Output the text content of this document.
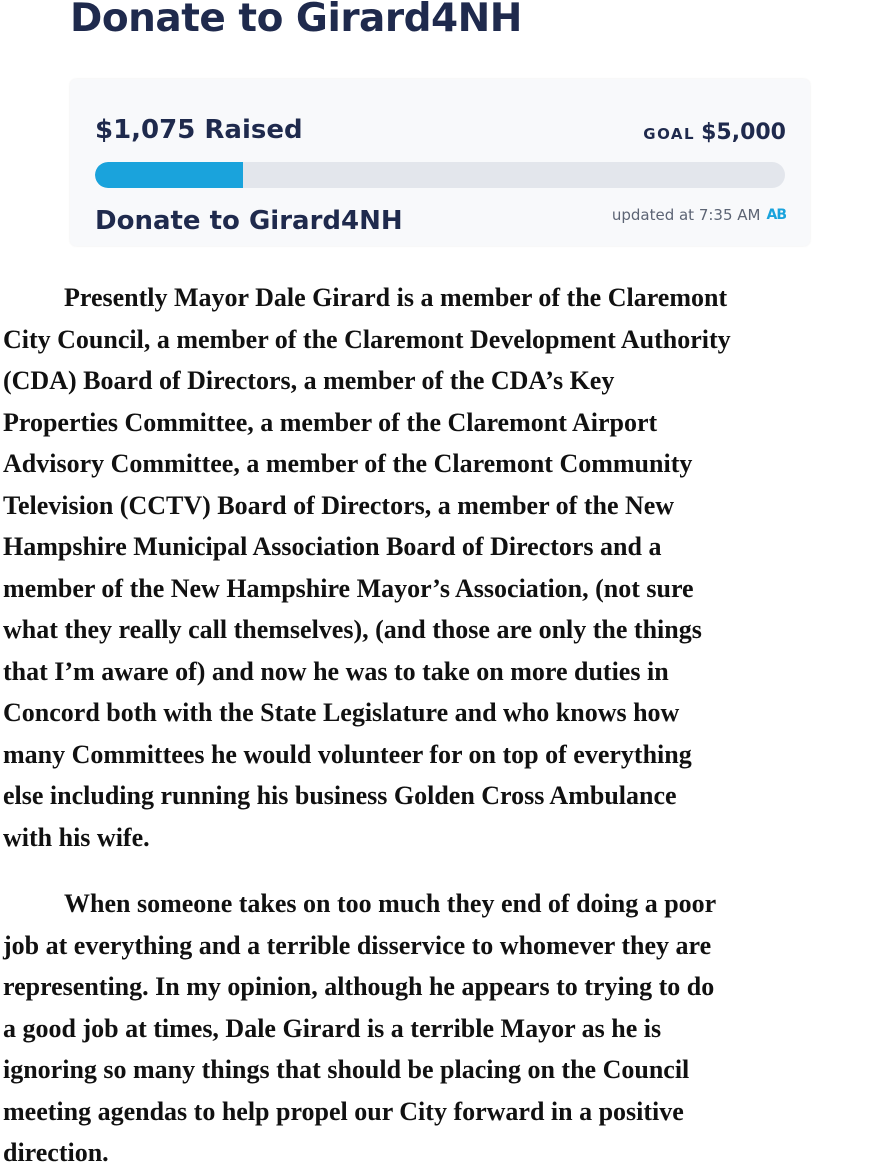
Donate to Girard4NH
$1,075 Raised	GOAL $5,000
Donate to Girard4NH	updated at 7:35 AM AB

Presently Mayor Dale Girard is a member of the Claremont
City Council, a member of the Claremont Development Authority
(CDA) Board of Directors, a member of the CDA’s Key
Properties Committee, a member of the Claremont Airport
Advisory Committee, a member of the Claremont Community
Television (CCTV) Board of Directors, a member of the New
Hampshire Municipal Association Board of Directors and a
member of the New Hampshire Mayor’s Association, (not sure
what they really call themselves), (and those are only the things
that I’m aware of) and now he was to take on more duties in
Concord both with the State Legislature and who knows how
many Committees he would volunteer for on top of everything
else including running his business Golden Cross Ambulance
with his wife.

When someone takes on too much they end of doing a poor
job at everything and a terrible disservice to whomever they are
representing. In my opinion, although he appears to trying to do
a good job at times, Dale Girard is a terrible Mayor as he is
ignoring so many things that should be placing on the Council
meeting agendas to help propel our City forward in a positive
direction.
